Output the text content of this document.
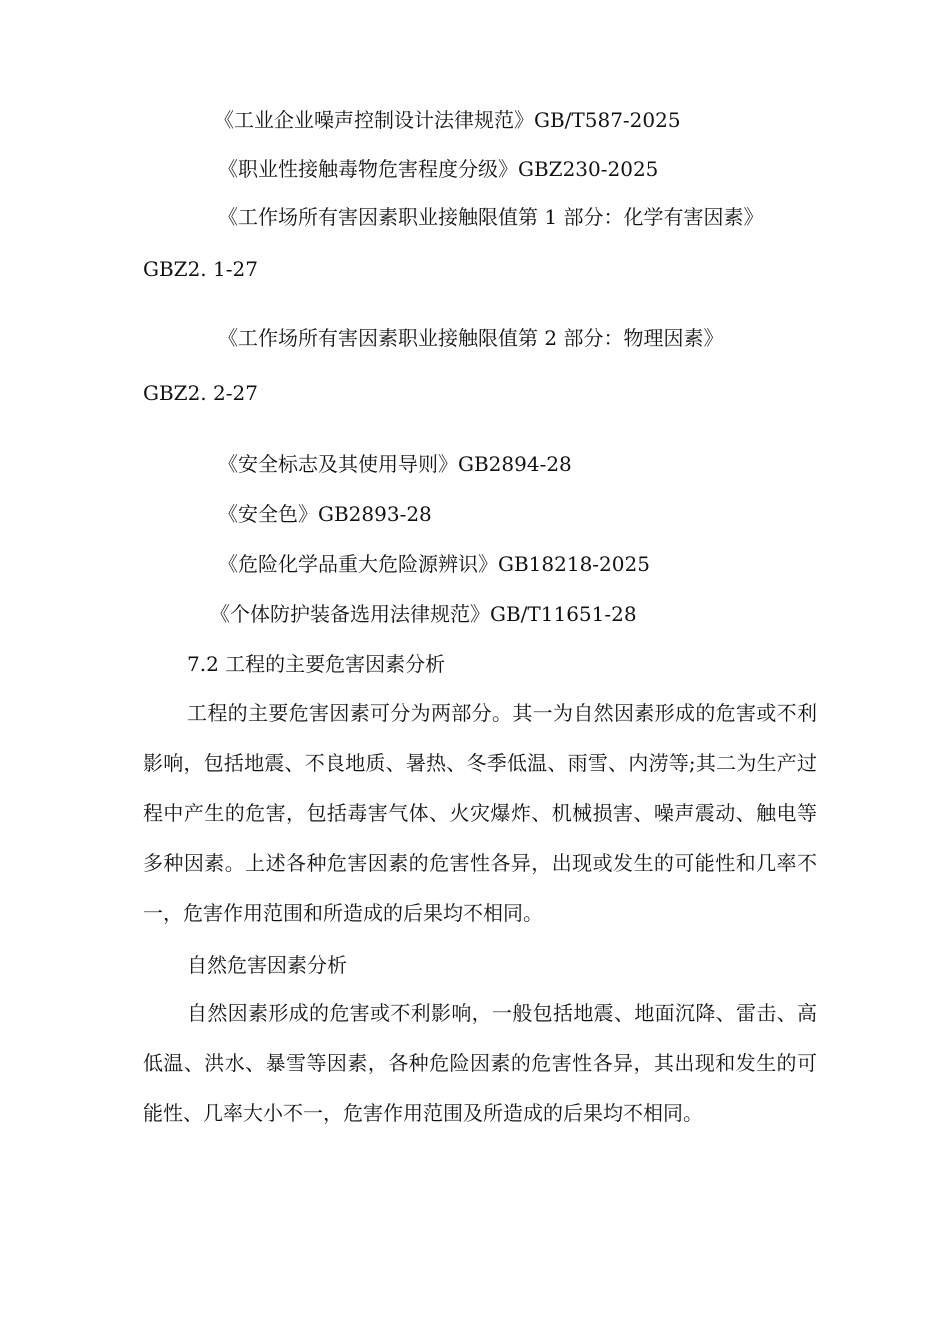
《工业企业噪声控制设计法律规范》GB/T587-2025
《职业性接触毒物危害程度分级》GBZ230-2025
《工作场所有害因素职业接触限值第 1 部分：化学有害因素》
GBZ2. 1-27
《工作场所有害因素职业接触限值第 2 部分：物理因素》
GBZ2. 2-27
《安全标志及其使用导则》GB2894-28
《安全色》GB2893-28
《危险化学品重大危险源辨识》GB18218-2025
《个体防护装备选用法律规范》GB/T11651-28
7.2 工程的主要危害因素分析
工程的主要危害因素可分为两部分。其一为自然因素形成的危害或不利影响，包括地震、不良地质、暑热、冬季低温、雨雪、内涝等;其二为生产过程中产生的危害，包括毒害气体、火灾爆炸、机械损害、噪声震动、触电等多种因素。上述各种危害因素的危害性各异，出现或发生的可能性和几率不一，危害作用范围和所造成的后果均不相同。
自然危害因素分析
自然因素形成的危害或不利影响，一般包括地震、地面沉降、雷击、高低温、洪水、暴雪等因素，各种危险因素的危害性各异，其出现和发生的可能性、几率大小不一，危害作用范围及所造成的后果均不相同。
